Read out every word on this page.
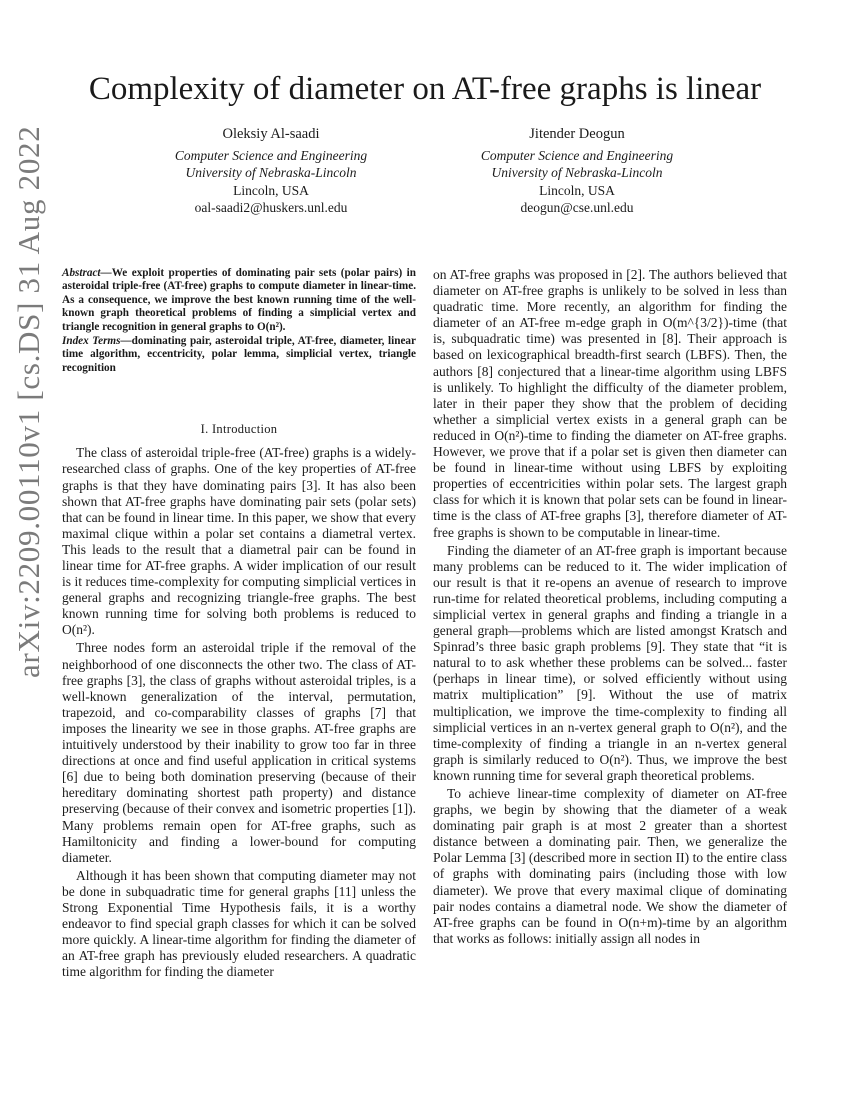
Complexity of diameter on AT-free graphs is linear
Oleksiy Al-saadi
Computer Science and Engineering
University of Nebraska-Lincoln
Lincoln, USA
oal-saadi2@huskers.unl.edu
Jitender Deogun
Computer Science and Engineering
University of Nebraska-Lincoln
Lincoln, USA
deogun@cse.unl.edu
arXiv:2209.00110v1 [cs.DS] 31 Aug 2022	Abstract—We exploit properties of dominating pair sets (polar pairs) in asteroidal triple-free (AT-free) graphs to compute diameter in linear-time. As a consequence, we improve the best known running time of the well-known graph theoretical problems of finding a simplicial vertex and triangle recognition in general graphs to O(n²).

Index Terms—dominating pair, asteroidal triple, AT-free, diameter, linear time algorithm, eccentricity, polar lemma, simplicial vertex, triangle recognition

I. Introduction

The class of asteroidal triple-free (AT-free) graphs is a widely-researched class of graphs. One of the key properties of AT-free graphs is that they have dominating pairs [3]. It has also been shown that AT-free graphs have dominating pair sets (polar sets) that can be found in linear time. In this paper, we show that every maximal clique within a polar set contains a diametral vertex. This leads to the result that a diametral pair can be found in linear time for AT-free graphs. A wider implication of our result is it reduces time-complexity for computing simplicial vertices in general graphs and recognizing triangle-free graphs. The best known running time for solving both problems is reduced to O(n²).

Three nodes form an asteroidal triple if the removal of the neighborhood of one disconnects the other two. The class of AT-free graphs [3], the class of graphs without asteroidal triples, is a well-known generalization of the interval, permutation, trapezoid, and co-comparability classes of graphs [7] that imposes the linearity we see in those graphs. AT-free graphs are intuitively understood by their inability to grow too far in three directions at once and find useful application in critical systems [6] due to being both domination preserving (because of their hereditary dominating shortest path property) and distance preserving (because of their convex and isometric properties [1]). Many problems remain open for AT-free graphs, such as Hamiltonicity and finding a lower-bound for computing diameter.

Although it has been shown that computing diameter may not be done in subquadratic time for general graphs [11] unless the Strong Exponential Time Hypothesis fails, it is a worthy endeavor to find special graph classes for which it can be solved more quickly. A linear-time algorithm for finding the diameter of an AT-free graph has previously eluded researchers. A quadratic time algorithm for finding the diameter

on AT-free graphs was proposed in [2]. The authors believed that diameter on AT-free graphs is unlikely to be solved in less than quadratic time. More recently, an algorithm for finding the diameter of an AT-free m-edge graph in O(m^{3/2})-time (that is, subquadratic time) was presented in [8]. Their approach is based on lexicographical breadth-first search (LBFS). Then, the authors [8] conjectured that a linear-time algorithm using LBFS is unlikely. To highlight the difficulty of the diameter problem, later in their paper they show that the problem of deciding whether a simplicial vertex exists in a general graph can be reduced in O(n²)-time to finding the diameter on AT-free graphs. However, we prove that if a polar set is given then diameter can be found in linear-time without using LBFS by exploiting properties of eccentricities within polar sets. The largest graph class for which it is known that polar sets can be found in linear-time is the class of AT-free graphs [3], therefore diameter of AT-free graphs is shown to be computable in linear-time.

Finding the diameter of an AT-free graph is important because many problems can be reduced to it. The wider implication of our result is that it re-opens an avenue of research to improve run-time for related theoretical problems, including computing a simplicial vertex in general graphs and finding a triangle in a general graph—problems which are listed amongst Kratsch and Spinrad’s three basic graph problems [9]. They state that “it is natural to to ask whether these problems can be solved... faster (perhaps in linear time), or solved efficiently without using matrix multiplication” [9]. Without the use of matrix multiplication, we improve the time-complexity to finding all simplicial vertices in an n-vertex general graph to O(n²), and the time-complexity of finding a triangle in an n-vertex general graph is similarly reduced to O(n²). Thus, we improve the best known running time for several graph theoretical problems.

To achieve linear-time complexity of diameter on AT-free graphs, we begin by showing that the diameter of a weak dominating pair graph is at most 2 greater than a shortest distance between a dominating pair. Then, we generalize the Polar Lemma [3] (described more in section II) to the entire class of graphs with dominating pairs (including those with low diameter). We prove that every maximal clique of dominating pair nodes contains a diametral node. We show the diameter of AT-free graphs can be found in O(n+m)-time by an algorithm that works as follows: initially assign all nodes in
